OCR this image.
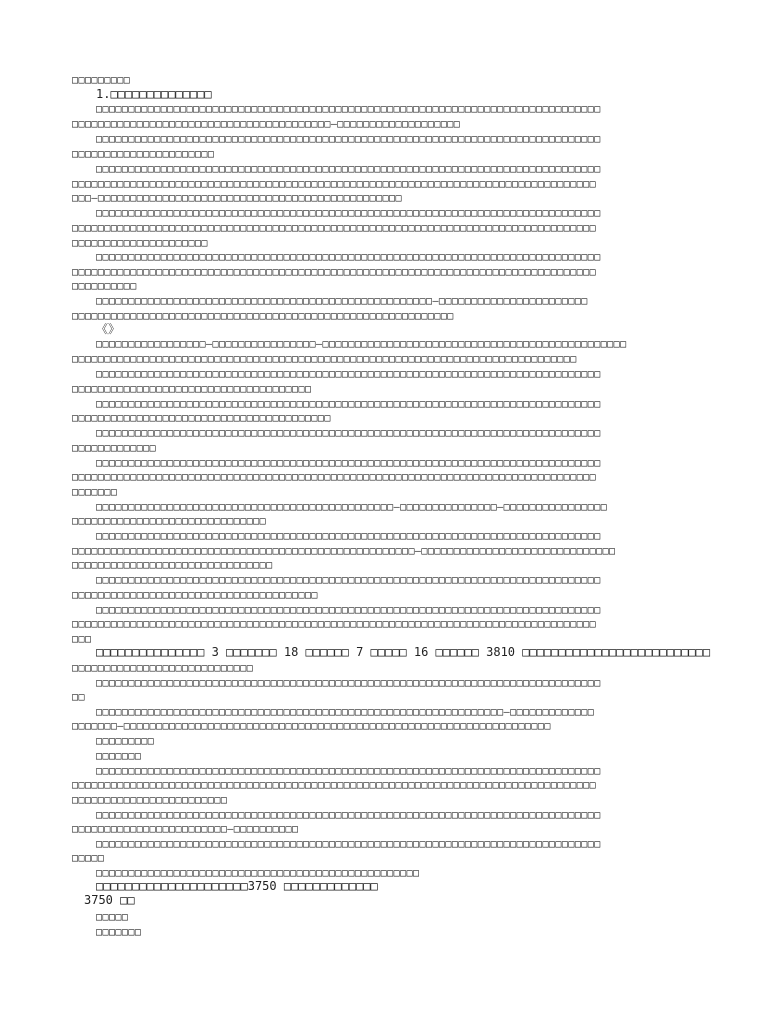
□□□□□□□□□
1.□□□□□□□□□□□□□□
□□□□□□□□□□□□□□□□□□□□□□□□□□□□□□□□□□□□□□□□□□□□□□□□□□□□□□□□□□□□□□□□□□□□□□□□□□□□□□
□□□□□□□□□□□□□□□□□□□□□□□□□□□□□□□□□□□□□□□□—□□□□□□□□□□□□□□□□□□□
□□□□□□□□□□□□□□□□□□□□□□□□□□□□□□□□□□□□□□□□□□□□□□□□□□□□□□□□□□□□□□□□□□□□□□□□□□□□□□
□□□□□□□□□□□□□□□□□□□□□□
□□□□□□□□□□□□□□□□□□□□□□□□□□□□□□□□□□□□□□□□□□□□□□□□□□□□□□□□□□□□□□□□□□□□□□□□□□□□□□
□□□□□□□□□□□□□□□□□□□□□□□□□□□□□□□□□□□□□□□□□□□□□□□□□□□□□□□□□□□□□□□□□□□□□□□□□□□□□□□□□
□□□—□□□□□□□□□□□□□□□□□□□□□□□□□□□□□□□□□□□□□□□□□□□□□□□
□□□□□□□□□□□□□□□□□□□□□□□□□□□□□□□□□□□□□□□□□□□□□□□□□□□□□□□□□□□□□□□□□□□□□□□□□□□□□□
□□□□□□□□□□□□□□□□□□□□□□□□□□□□□□□□□□□□□□□□□□□□□□□□□□□□□□□□□□□□□□□□□□□□□□□□□□□□□□□□□
□□□□□□□□□□□□□□□□□□□□□
□□□□□□□□□□□□□□□□□□□□□□□□□□□□□□□□□□□□□□□□□□□□□□□□□□□□□□□□□□□□□□□□□□□□□□□□□□□□□□
□□□□□□□□□□□□□□□□□□□□□□□□□□□□□□□□□□□□□□□□□□□□□□□□□□□□□□□□□□□□□□□□□□□□□□□□□□□□□□□□□
□□□□□□□□□□
□□□□□□□□□□□□□□□□□□□□□□□□□□□□□□□□□□□□□□□□□□□□□□□□□□□□—□□□□□□□□□□□□□□□□□□□□□□□
□□□□□□□□□□□□□□□□□□□□□□□□□□□□□□□□□□□□□□□□□□□□□□□□□□□□□□□□□□□
《》
□□□□□□□□□□□□□□□□□—□□□□□□□□□□□□□□□□—□□□□□□□□□□□□□□□□□□□□□□□□□□□□□□□□□□□□□□□□□□□□□□□
□□□□□□□□□□□□□□□□□□□□□□□□□□□□□□□□□□□□□□□□□□□□□□□□□□□□□□□□□□□□□□□□□□□□□□□□□□□□□□
□□□□□□□□□□□□□□□□□□□□□□□□□□□□□□□□□□□□□□□□□□□□□□□□□□□□□□□□□□□□□□□□□□□□□□□□□□□□□□
□□□□□□□□□□□□□□□□□□□□□□□□□□□□□□□□□□□□□
□□□□□□□□□□□□□□□□□□□□□□□□□□□□□□□□□□□□□□□□□□□□□□□□□□□□□□□□□□□□□□□□□□□□□□□□□□□□□□
□□□□□□□□□□□□□□□□□□□□□□□□□□□□□□□□□□□□□□□□
□□□□□□□□□□□□□□□□□□□□□□□□□□□□□□□□□□□□□□□□□□□□□□□□□□□□□□□□□□□□□□□□□□□□□□□□□□□□□□
□□□□□□□□□□□□□
□□□□□□□□□□□□□□□□□□□□□□□□□□□□□□□□□□□□□□□□□□□□□□□□□□□□□□□□□□□□□□□□□□□□□□□□□□□□□□
□□□□□□□□□□□□□□□□□□□□□□□□□□□□□□□□□□□□□□□□□□□□□□□□□□□□□□□□□□□□□□□□□□□□□□□□□□□□□□□□□
□□□□□□□
□□□□□□□□□□□□□□□□□□□□□□□□□□□□□□□□□□□□□□□□□□□□□□—□□□□□□□□□□□□□□□—□□□□□□□□□□□□□□□□
□□□□□□□□□□□□□□□□□□□□□□□□□□□□□□
□□□□□□□□□□□□□□□□□□□□□□□□□□□□□□□□□□□□□□□□□□□□□□□□□□□□□□□□□□□□□□□□□□□□□□□□□□□□□□
□□□□□□□□□□□□□□□□□□□□□□□□□□□□□□□□□□□□□□□□□□□□□□□□□□□□□—□□□□□□□□□□□□□□□□□□□□□□□□□□□□□□
□□□□□□□□□□□□□□□□□□□□□□□□□□□□□□□
□□□□□□□□□□□□□□□□□□□□□□□□□□□□□□□□□□□□□□□□□□□□□□□□□□□□□□□□□□□□□□□□□□□□□□□□□□□□□□
□□□□□□□□□□□□□□□□□□□□□□□□□□□□□□□□□□□□□□
□□□□□□□□□□□□□□□□□□□□□□□□□□□□□□□□□□□□□□□□□□□□□□□□□□□□□□□□□□□□□□□□□□□□□□□□□□□□□□
□□□□□□□□□□□□□□□□□□□□□□□□□□□□□□□□□□□□□□□□□□□□□□□□□□□□□□□□□□□□□□□□□□□□□□□□□□□□□□□□□
□□□
□□□□□□□□□□□□□□□ 3 □□□□□□□ 18 □□□□□□ 7 □□□□□ 16 □□□□□□ 3810 □□□□□□□□□□□□□□□□□□□□□□□□□□
□□□□□□□□□□□□□□□□□□□□□□□□□□□□
□□□□□□□□□□□□□□□□□□□□□□□□□□□□□□□□□□□□□□□□□□□□□□□□□□□□□□□□□□□□□□□□□□□□□□□□□□□□□□
□□
□□□□□□□□□□□□□□□□□□□□□□□□□□□□□□□□□□□□□□□□□□□□□□□□□□□□□□□□□□□□□□□—□□□□□□□□□□□□□
□□□□□□□—□□□□□□□□□□□□□□□□□□□□□□□□□□□□□□□□□□□□□□□□□□□□□□□□□□□□□□□□□□□□□□□□□□
□□□□□□□□□
□□□□□□□
□□□□□□□□□□□□□□□□□□□□□□□□□□□□□□□□□□□□□□□□□□□□□□□□□□□□□□□□□□□□□□□□□□□□□□□□□□□□□□
□□□□□□□□□□□□□□□□□□□□□□□□□□□□□□□□□□□□□□□□□□□□□□□□□□□□□□□□□□□□□□□□□□□□□□□□□□□□□□□□□
□□□□□□□□□□□□□□□□□□□□□□□□
□□□□□□□□□□□□□□□□□□□□□□□□□□□□□□□□□□□□□□□□□□□□□□□□□□□□□□□□□□□□□□□□□□□□□□□□□□□□□□
□□□□□□□□□□□□□□□□□□□□□□□□—□□□□□□□□□□
□□□□□□□□□□□□□□□□□□□□□□□□□□□□□□□□□□□□□□□□□□□□□□□□□□□□□□□□□□□□□□□□□□□□□□□□□□□□□□
□□□□□
□□□□□□□□□□□□□□□□□□□□□□□□□□□□□□□□□□□□□□□□□□□□□□□□□□
□□□□□□□□□□□□□□□□□□□□□3750 □□□□□□□□□□□□□
3750 □□
□□□□□
□□□□□□□
